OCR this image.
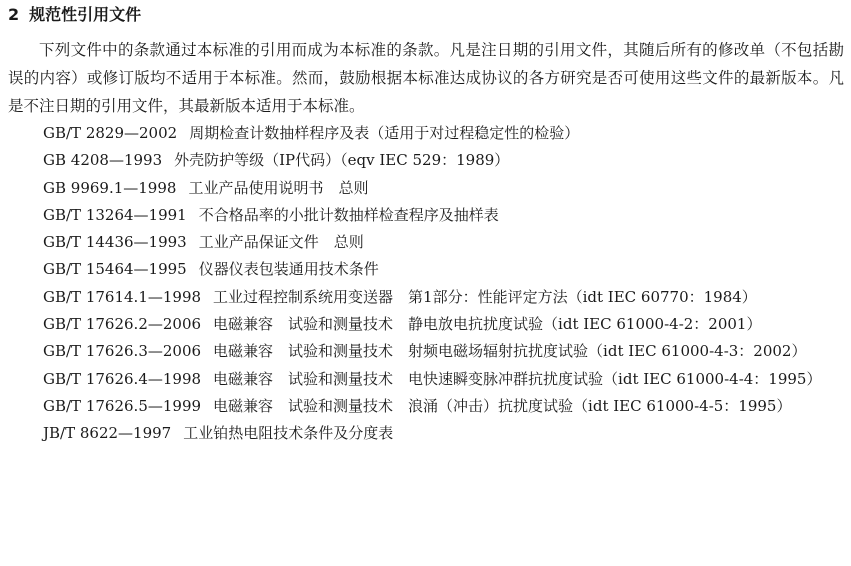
2 规范性引用文件

下列文件中的条款通过本标准的引用而成为本标准的条款。凡是注日期的引用文件，其随后所有的修改单（不包括勘误的内容）或修订版均不适用于本标准。然而，鼓励根据本标准达成协议的各方研究是否可使用这些文件的最新版本。凡是不注日期的引用文件，其最新版本适用于本标准。

GB/T 2829—2002 周期检查计数抽样程序及表（适用于对过程稳定性的检验）
GB 4208—1993 外壳防护等级（IP代码）（eqv IEC 529：1989）
GB 9969.1—1998 工业产品使用说明书　总则
GB/T 13264—1991 不合格品率的小批计数抽样检查程序及抽样表
GB/T 14436—1993 工业产品保证文件　总则
GB/T 15464—1995 仪器仪表包装通用技术条件
GB/T 17614.1—1998 工业过程控制系统用变送器　第1部分：性能评定方法（idt IEC 60770：1984）
GB/T 17626.2—2006 电磁兼容　试验和测量技术　静电放电抗扰度试验（idt IEC 61000-4-2：2001）
GB/T 17626.3—2006 电磁兼容　试验和测量技术　射频电磁场辐射抗扰度试验（idt IEC 61000-4-3：2002）
GB/T 17626.4—1998 电磁兼容　试验和测量技术　电快速瞬变脉冲群抗扰度试验（idt IEC 61000-4-4：1995）
GB/T 17626.5—1999 电磁兼容　试验和测量技术　浪涌（冲击）抗扰度试验（idt IEC 61000-4-5：1995）
JB/T 8622—1997 工业铂热电阻技术条件及分度表
